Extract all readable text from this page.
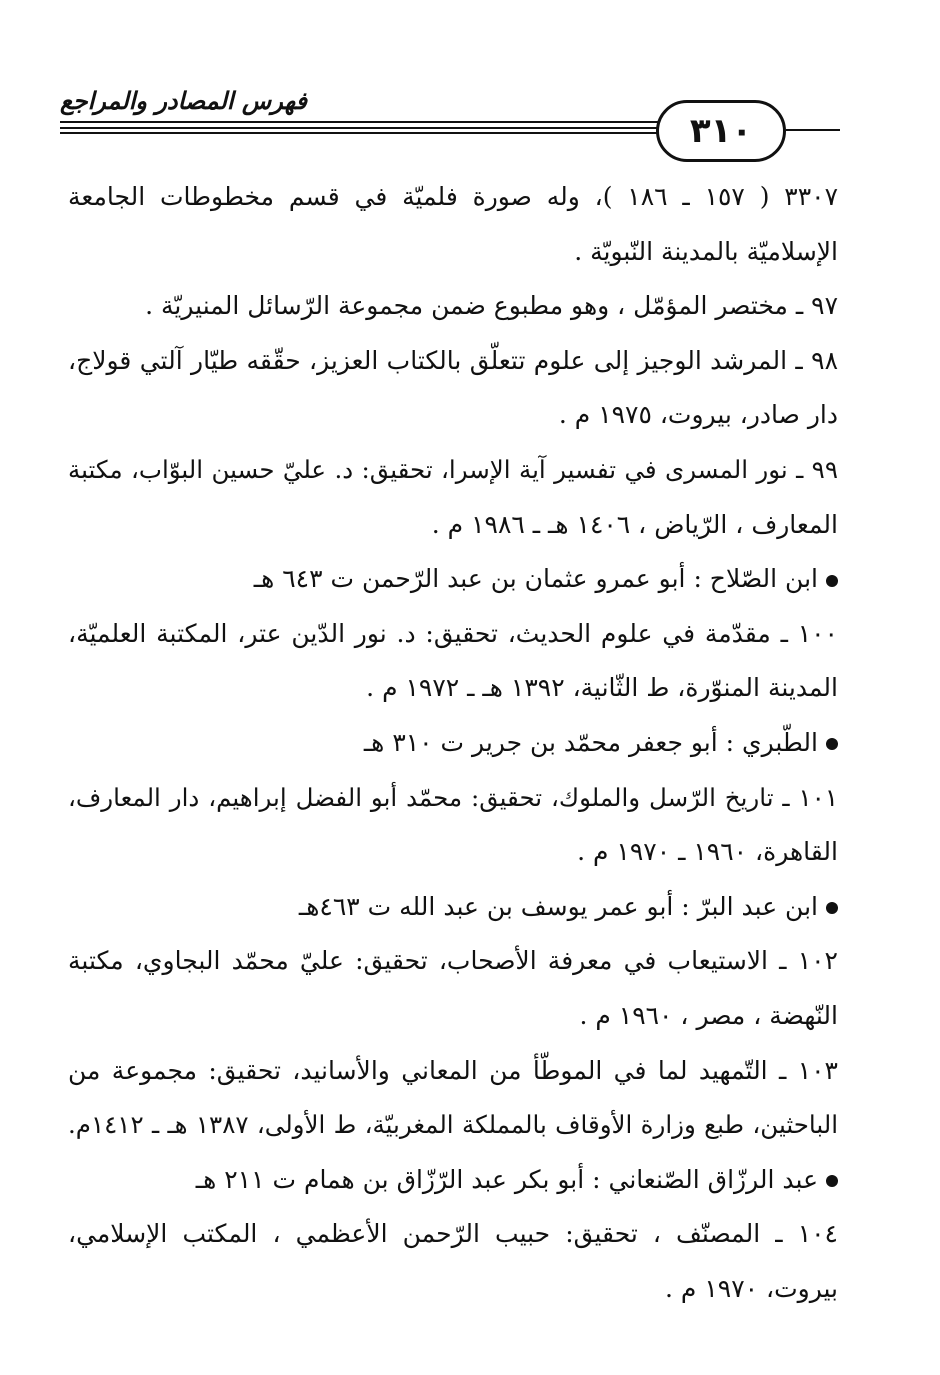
فهرس المصادر والمراجع
٣١٠
٣٣٠٧ ( ١٥٧ ـ ١٨٦ )، وله صورة فلميّة في قسم مخطوطات الجامعة
الإسلاميّة بالمدينة النّبويّة .
٩٧ ـ مختصر المؤمّل ، وهو مطبوع ضمن مجموعة الرّسائل المنيريّة .
٩٨ ـ المرشد الوجيز إلى علوم تتعلّق بالكتاب العزيز، حقّقه طيّار آلتي قولاج،
دار صادر، بيروت، ١٩٧٥ م .
٩٩ ـ نور المسرى في تفسير آية الإسرا، تحقيق: د. عليّ حسين البوّاب، مكتبة
المعارف ، الرّياض ، ١٤٠٦ هـ ـ ١٩٨٦ م .
ابن الصّلاح : أبو عمرو عثمان بن عبد الرّحمن ت ٦٤٣ هـ
١٠٠ ـ مقدّمة في علوم الحديث، تحقيق: د. نور الدّين عتر، المكتبة العلميّة،
المدينة المنوّرة، ط الثّانية، ١٣٩٢ هـ ـ ١٩٧٢ م .
الطّبري : أبو جعفر محمّد بن جرير ت ٣١٠ هـ
١٠١ ـ تاريخ الرّسل والملوك، تحقيق: محمّد أبو الفضل إبراهيم، دار المعارف،
القاهرة، ١٩٦٠ ـ ١٩٧٠ م .
ابن عبد البرّ : أبو عمر يوسف بن عبد الله ت ٤٦٣هـ
١٠٢ ـ الاستيعاب في معرفة الأصحاب، تحقيق: عليّ محمّد البجاوي، مكتبة
النّهضة ، مصر ، ١٩٦٠ م .
١٠٣ ـ التّمهيد لما في الموطّأ من المعاني والأسانيد، تحقيق: مجموعة من
الباحثين، طبع وزارة الأوقاف بالمملكة المغربيّة، ط الأولى، ١٣٨٧ هـ ـ ١٤١٢م.
عبد الرزّاق الصّنعاني : أبو بكر عبد الرّزّاق بن همام ت ٢١١ هـ
١٠٤ ـ المصنّف ، تحقيق: حبيب الرّحمن الأعظمي ، المكتب الإسلامي،
بيروت، ١٩٧٠ م .
